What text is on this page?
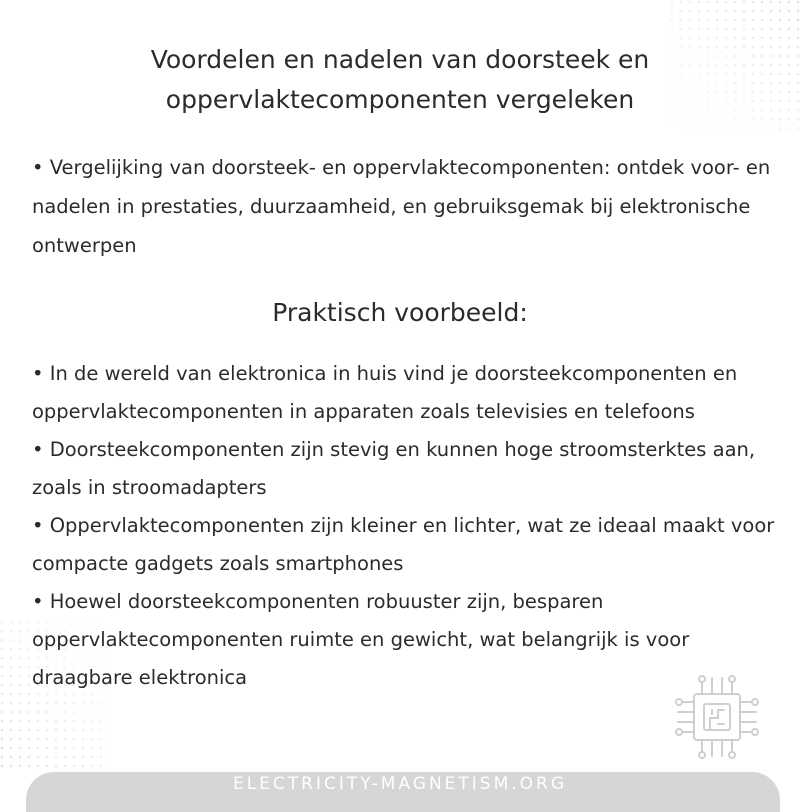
Voordelen en nadelen van doorsteek en
oppervlaktecomponenten vergeleken

• Vergelijking van doorsteek- en oppervlaktecomponenten: ontdek voor- en nadelen in prestaties, duurzaamheid, en gebruiksgemak bij elektronische ontwerpen

Praktisch voorbeeld:

• In de wereld van elektronica in huis vind je doorsteekcomponenten en oppervlaktecomponenten in apparaten zoals televisies en telefoons

• Doorsteekcomponenten zijn stevig en kunnen hoge stroomsterktes aan, zoals in stroomadapters

• Oppervlaktecomponenten zijn kleiner en lichter, wat ze ideaal maakt voor compacte gadgets zoals smartphones

• Hoewel doorsteekcomponenten robuuster zijn, besparen oppervlaktecomponenten ruimte en gewicht, wat belangrijk is voor draagbare elektronica

ELECTRICITY-MAGNETISM.ORG
